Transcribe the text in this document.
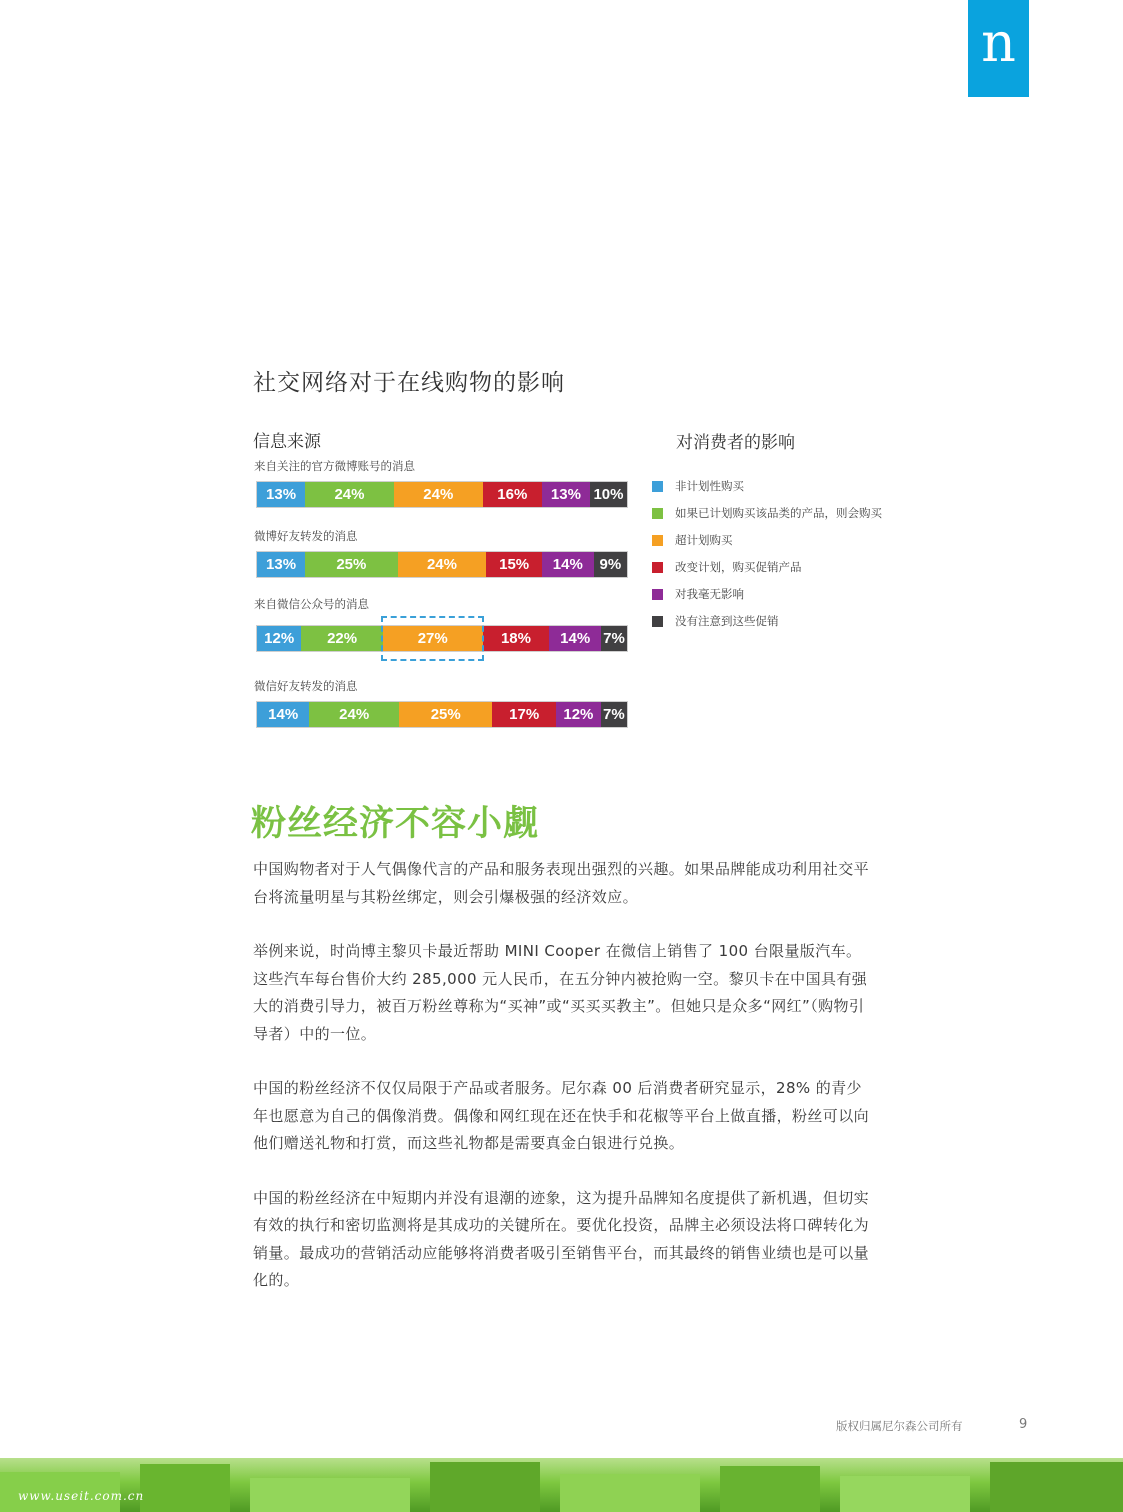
n
社交网络对于在线购物的影响
信息来源	对消费者的影响
来自关注的官方微博账号的消息
13%	24%	24%	16% 13% 10%
微博好友转发的消息
13%	25%	24%	15% 14% 9%
来自微信公众号的消息
12% 22%	27%	18% 14% 7%
微信好友转发的消息
14%	24%	25%	17% 12% 7%
非计划性购买
如果已计划购买该品类的产品，则会购买
超计划购买
改变计划，购买促销产品
对我毫无影响
没有注意到这些促销
粉丝经济不容小觑

中国购物者对于人气偶像代言的产品和服务表现出强烈的兴趣。如果品牌能成功利用社交平台将流量明星与其粉丝绑定，则会引爆极强的经济效应。

举例来说，时尚博主黎贝卡最近帮助 MINI Cooper 在微信上销售了 100 台限量版汽车。这些汽车每台售价大约 285,000 元人民币，在五分钟内被抢购一空。黎贝卡在中国具有强大的消费引导力，被百万粉丝尊称为“买神”或“买买买教主”。但她只是众多“网红”（购物引导者）中的一位。

中国的粉丝经济不仅仅局限于产品或者服务。尼尔森 00 后消费者研究显示，28% 的青少年也愿意为自己的偶像消费。偶像和网红现在还在快手和花椒等平台上做直播，粉丝可以向他们赠送礼物和打赏，而这些礼物都是需要真金白银进行兑换。

中国的粉丝经济在中短期内并没有退潮的迹象，这为提升品牌知名度提供了新机遇，但切实有效的执行和密切监测将是其成功的关键所在。要优化投资，品牌主必须设法将口碑转化为销量。最成功的营销活动应能够将消费者吸引至销售平台，而其最终的销售业绩也是可以量化的。

版权归属尼尔森公司所有	9
www.useit.com.cn
